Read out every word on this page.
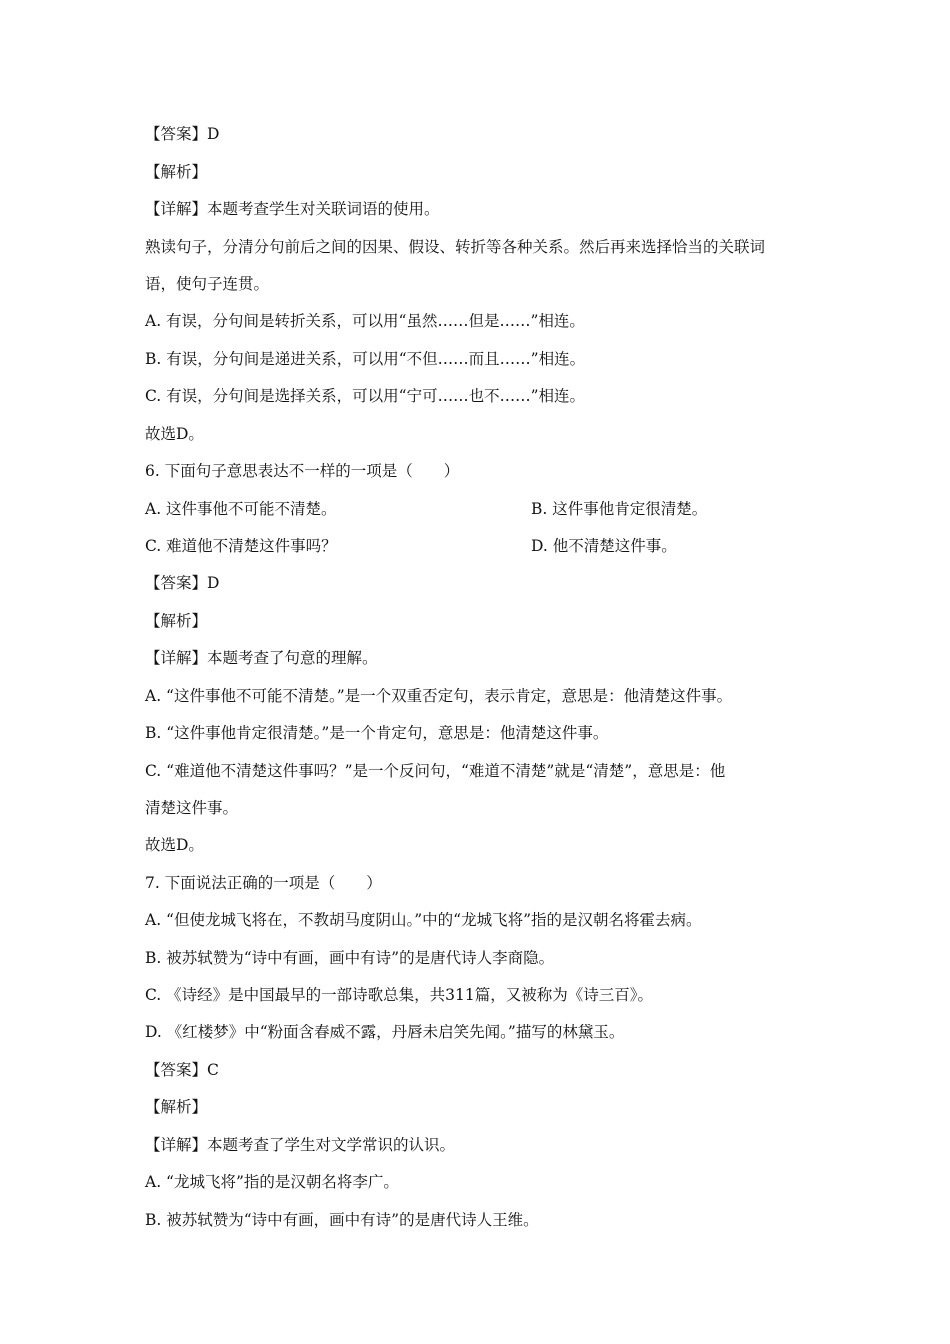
【答案】D
【解析】
【详解】本题考查学生对关联词语的使用。
熟读句子，分清分句前后之间的因果、假设、转折等各种关系。然后再来选择恰当的关联词
语，使句子连贯。
A. 有误，分句间是转折关系，可以用“虽然……但是……”相连。
B. 有误，分句间是递进关系，可以用“不但……而且……”相连。
C. 有误，分句间是选择关系，可以用“宁可……也不……”相连。
故选D。
6. 下面句子意思表达不一样的一项是（　　）
A. 这件事他不可能不清楚。	B. 这件事他肯定很清楚。
C. 难道他不清楚这件事吗？	D. 他不清楚这件事。
【答案】D
【解析】
【详解】本题考查了句意的理解。
A. “这件事他不可能不清楚。”是一个双重否定句，表示肯定，意思是：他清楚这件事。
B. “这件事他肯定很清楚。”是一个肯定句，意思是：他清楚这件事。
C. “难道他不清楚这件事吗？”是一个反问句，“难道不清楚”就是“清楚”，意思是：他
清楚这件事。
故选D。
7. 下面说法正确的一项是（　　）
A. “但使龙城飞将在，不教胡马度阴山。”中的“龙城飞将”指的是汉朝名将霍去病。
B. 被苏轼赞为“诗中有画，画中有诗”的是唐代诗人李商隐。
C. 《诗经》是中国最早的一部诗歌总集，共311篇，又被称为《诗三百》。
D. 《红楼梦》中“粉面含春威不露，丹唇未启笑先闻。”描写的林黛玉。
【答案】C
【解析】
【详解】本题考查了学生对文学常识的认识。
A. “龙城飞将”指的是汉朝名将李广。
B. 被苏轼赞为“诗中有画，画中有诗”的是唐代诗人王维。
